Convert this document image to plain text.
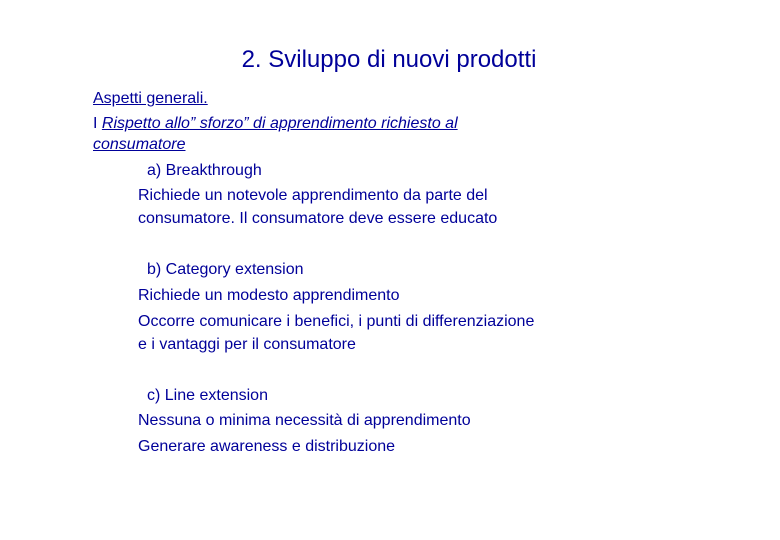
2. Sviluppo di nuovi prodotti
Aspetti generali.
I Rispetto allo” sforzo” di apprendimento richiesto al
consumatore
a) Breakthrough
Richiede un notevole apprendimento da parte del
consumatore. Il consumatore deve essere educato
b) Category extension
Richiede un modesto apprendimento
Occorre comunicare i benefici, i punti di differenziazione
e i vantaggi per il consumatore
c) Line extension
Nessuna o minima necessità di apprendimento
Generare awareness e distribuzione
